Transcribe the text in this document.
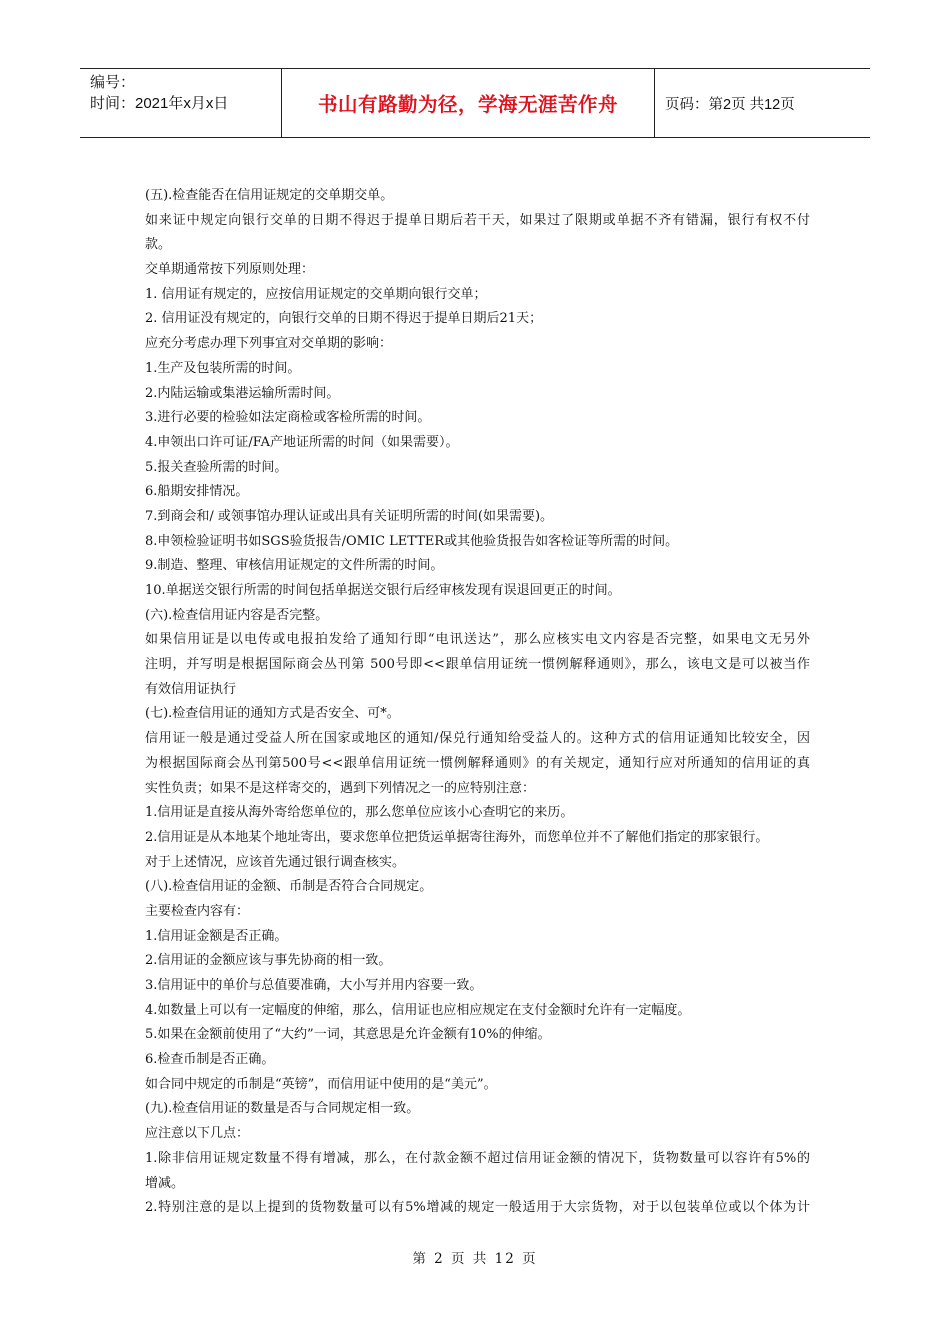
编号：
时间：2021年x月x日	书山有路勤为径，学海无涯苦作舟	页码：第2页 共12页
(五).检查能否在信用证规定的交单期交单。
如来证中规定向银行交单的日期不得迟于提单日期后若干天，如果过了限期或单据不齐有错漏，银行有权不付
款。
交单期通常按下列原则处理：
1. 信用证有规定的，应按信用证规定的交单期向银行交单；
2. 信用证没有规定的，向银行交单的日期不得迟于提单日期后21天；
应充分考虑办理下列事宜对交单期的影响：
1.生产及包装所需的时间。
2.内陆运输或集港运输所需时间。
3.进行必要的检验如法定商检或客检所需的时间。
4.申领出口许可证/FA产地证所需的时间（如果需要）。
5.报关查验所需的时间。
6.船期安排情况。
7.到商会和/ 或领事馆办理认证或出具有关证明所需的时间(如果需要)。
8.申领检验证明书如SGS验货报告/OMIC LETTER或其他验货报告如客检证等所需的时间。
9.制造、整理、审核信用证规定的文件所需的时间。
10.单据送交银行所需的时间包括单据送交银行后经审核发现有误退回更正的时间。
(六).检查信用证内容是否完整。
如果信用证是以电传或电报拍发给了通知行即“电讯送达”，那么应核实电文内容是否完整，如果电文无另外
注明，并写明是根据国际商会丛刊第 500号即<<跟单信用证统一惯例解释通则》，那么，该电文是可以被当作
有效信用证执行
(七).检查信用证的通知方式是否安全、可*。
信用证一般是通过受益人所在国家或地区的通知/保兑行通知给受益人的。这种方式的信用证通知比较安全，因
为根据国际商会丛刊第500号<<跟单信用证统一惯例解释通则》的有关规定，通知行应对所通知的信用证的真
实性负责；如果不是这样寄交的，遇到下列情况之一的应特别注意：
1.信用证是直接从海外寄给您单位的，那么您单位应该小心查明它的来历。
2.信用证是从本地某个地址寄出，要求您单位把货运单据寄往海外，而您单位并不了解他们指定的那家银行。
对于上述情况，应该首先通过银行调查核实。
(八).检查信用证的金额、币制是否符合合同规定。
主要检查内容有：
1.信用证金额是否正确。
2.信用证的金额应该与事先协商的相一致。
3.信用证中的单价与总值要准确，大小写并用内容要一致。
4.如数量上可以有一定幅度的伸缩，那么，信用证也应相应规定在支付金额时允许有一定幅度。
5.如果在金额前使用了“大约”一词，其意思是允许金额有10%的伸缩。
6.检查币制是否正确。
如合同中规定的币制是“英镑”，而信用证中使用的是“美元”。
(九).检查信用证的数量是否与合同规定相一致。
应注意以下几点：
1.除非信用证规定数量不得有增减，那么，在付款金额不超过信用证金额的情况下，货物数量可以容许有5%的
增减。
2.特别注意的是以上提到的货物数量可以有5%增减的规定一般适用于大宗货物，对于以包装单位或以个体为计
第 2 页 共 12 页
